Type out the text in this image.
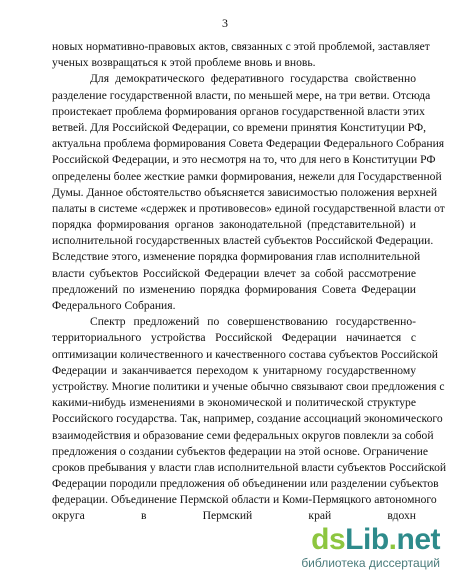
3
новых нормативно-правовых актов, связанных с этой проблемой, заставляет
ученых возвращаться к этой проблеме вновь и вновь.
Для демократического федеративного государства свойственно
разделение государственной власти, по меньшей мере, на три ветви. Отсюда
проистекает проблема формирования органов государственной власти этих
ветвей. Для Российской Федерации, со времени принятия Конституции РФ,
актуальна проблема формирования Совета Федерации Федерального Собрания
Российской Федерации, и это несмотря на то, что для него в Конституции РФ
определены более жесткие рамки формирования, нежели для Государственной
Думы. Данное обстоятельство объясняется зависимостью положения верхней
палаты в системе «сдержек и противовесов» единой государственной власти от
порядка формирования органов законодательной (представительной) и
исполнительной государственных властей субъектов Российской Федерации.
Вследствие этого, изменение порядка формирования глав исполнительной
власти субъектов Российской Федерации влечет за собой рассмотрение
предложений по изменению порядка формирования Совета Федерации
Федерального Собрания.
Спектр предложений по совершенствованию государственно-
территориального устройства Российской Федерации начинается с
оптимизации количественного и качественного состава субъектов Российской
Федерации и заканчивается переходом к унитарному государственному
устройству. Многие политики и ученые обычно связывают свои предложения с
какими-нибудь изменениями в экономической и политической структуре
Российского государства. Так, например, создание ассоциаций экономического
взаимодействия и образование семи федеральных округов повлекли за собой
предложения о создании субъектов федерации на этой основе. Ограничение
сроков пребывания у власти глав исполнительной власти субъектов Российской
Федерации породили предложения об объединении или разделении субъектов
федерации. Объединение Пермской области и Коми-Пермяцкого автономного
округа в Пермский край вдохн
dsLib.net
библиотека диссертаций
